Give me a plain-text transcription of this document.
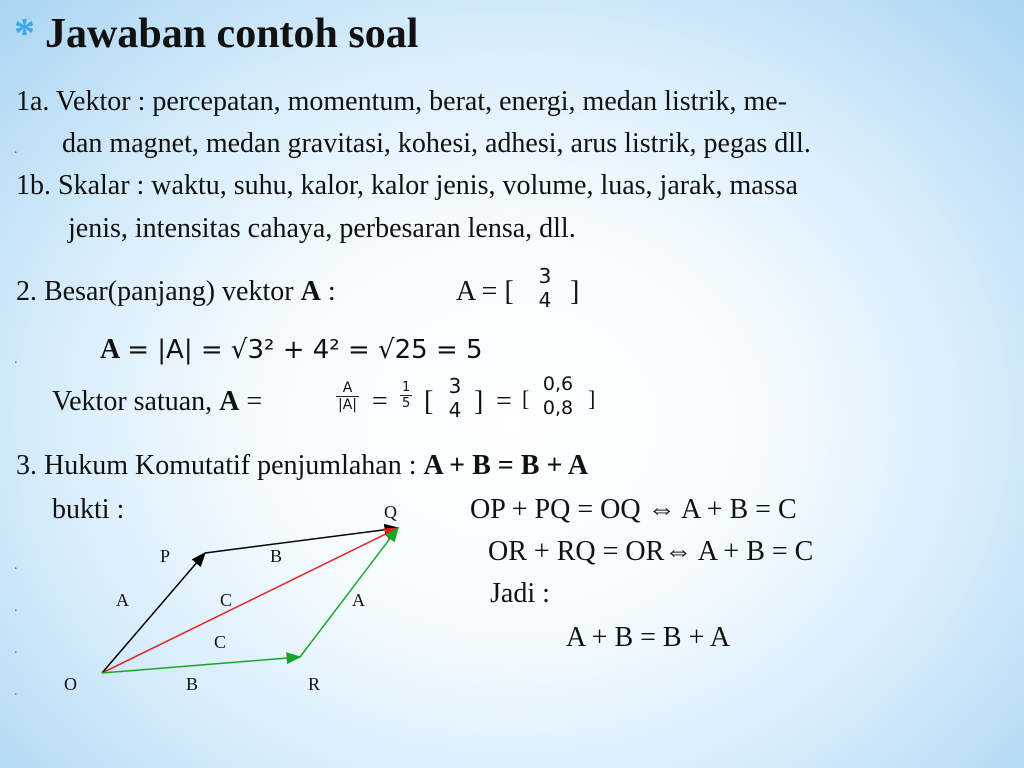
* Jawaban contoh soal
1a. Vektor : percepatan, momentum, berat, energi, medan listrik, me-
. dan magnet, medan gravitasi, kohesi, adhesi, arus listrik, pegas dll.
1b. Skalar : waktu, suhu, kalor, kalor jenis, volume, luas, jarak, massa
jenis, intensitas cahaya, perbesaran lensa, dll.
2. Besar(panjang) vektor A :	A = [	3
4 ]
.	A = |A| = √3² + 4² = √25 = 5
Vektor satuan, A =	$\frac{A}{|A|} = \frac{1}{5}$ [ 3
4 ] = [
0,6
0,8 ]
3. Hukum Komutatif penjumlahan : A + B = B + A
bukti :	OP + PQ = OQ ⇔ A + B = C
OR + RQ = OR⇔ A + B = C
Jadi :
A + B = B + A
.
.
.
.
Q
P	B
A	C	A
C
O	B	R
